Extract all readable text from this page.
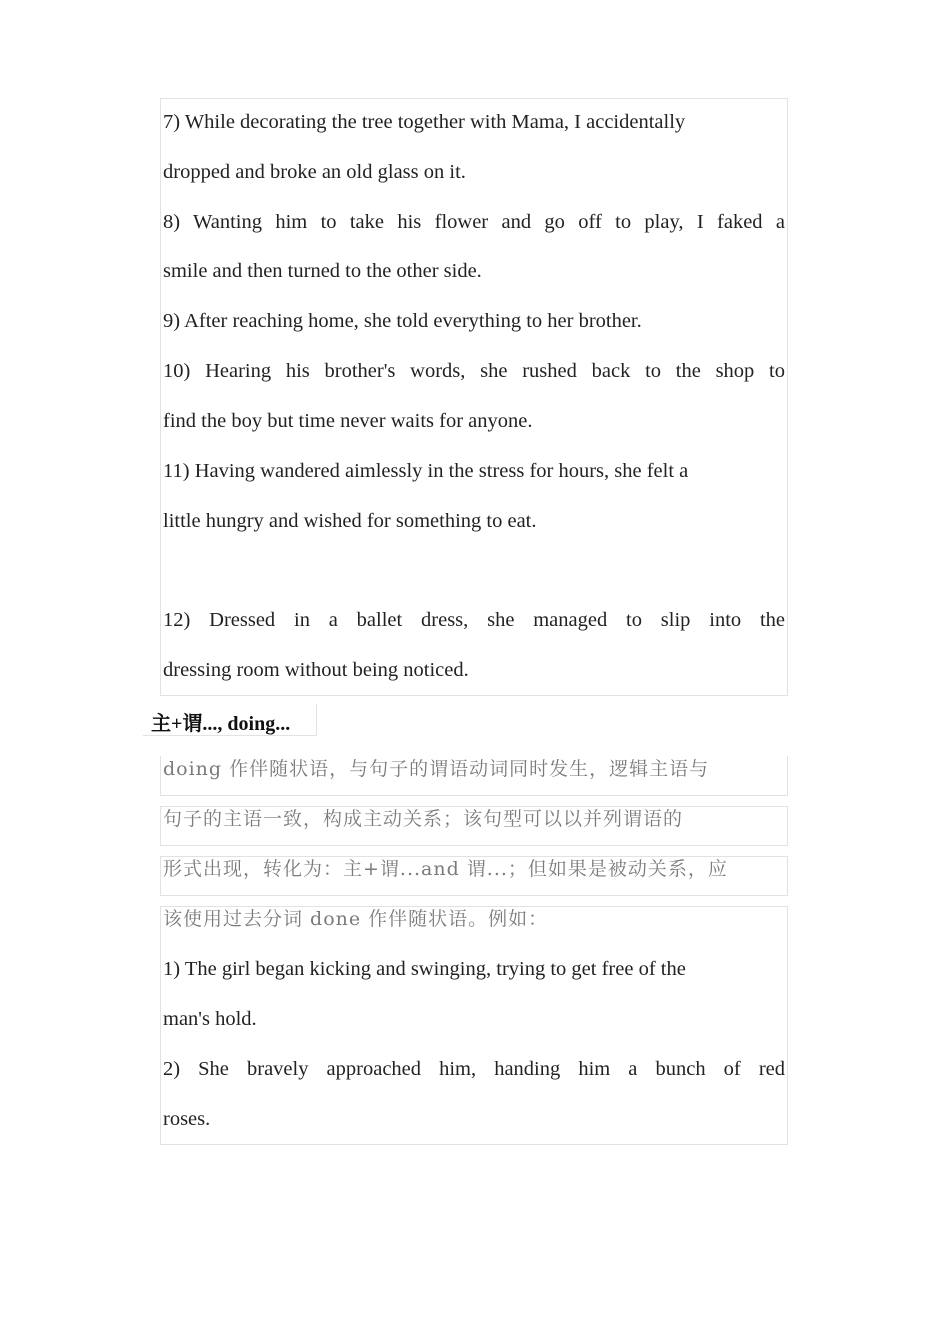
7) While decorating the tree together with Mama, I accidentally
dropped and broke an old glass on it.
8) Wanting him to take his flower and go off to play, I faked a
smile and then turned to the other side.
9) After reaching home, she told everything to her brother.
10) Hearing his brother's words, she rushed back to the shop to
find the boy but time never waits for anyone.
11) Having wandered aimlessly in the stress for hours, she felt a
little hungry and wished for something to eat.
12) Dressed in a ballet dress, she managed to slip into the
dressing room without being noticed.
主+谓..., doing...
doing 作伴随状语，与句子的谓语动词同时发生，逻辑主语与
句子的主语一致，构成主动关系；该句型可以以并列谓语的
形式出现，转化为：主+谓...and 谓...；但如果是被动关系，应
该使用过去分词 done 作伴随状语。例如：
1) The girl began kicking and swinging, trying to get free of the
man's hold.
2) She bravely approached him, handing him a bunch of red
roses.
